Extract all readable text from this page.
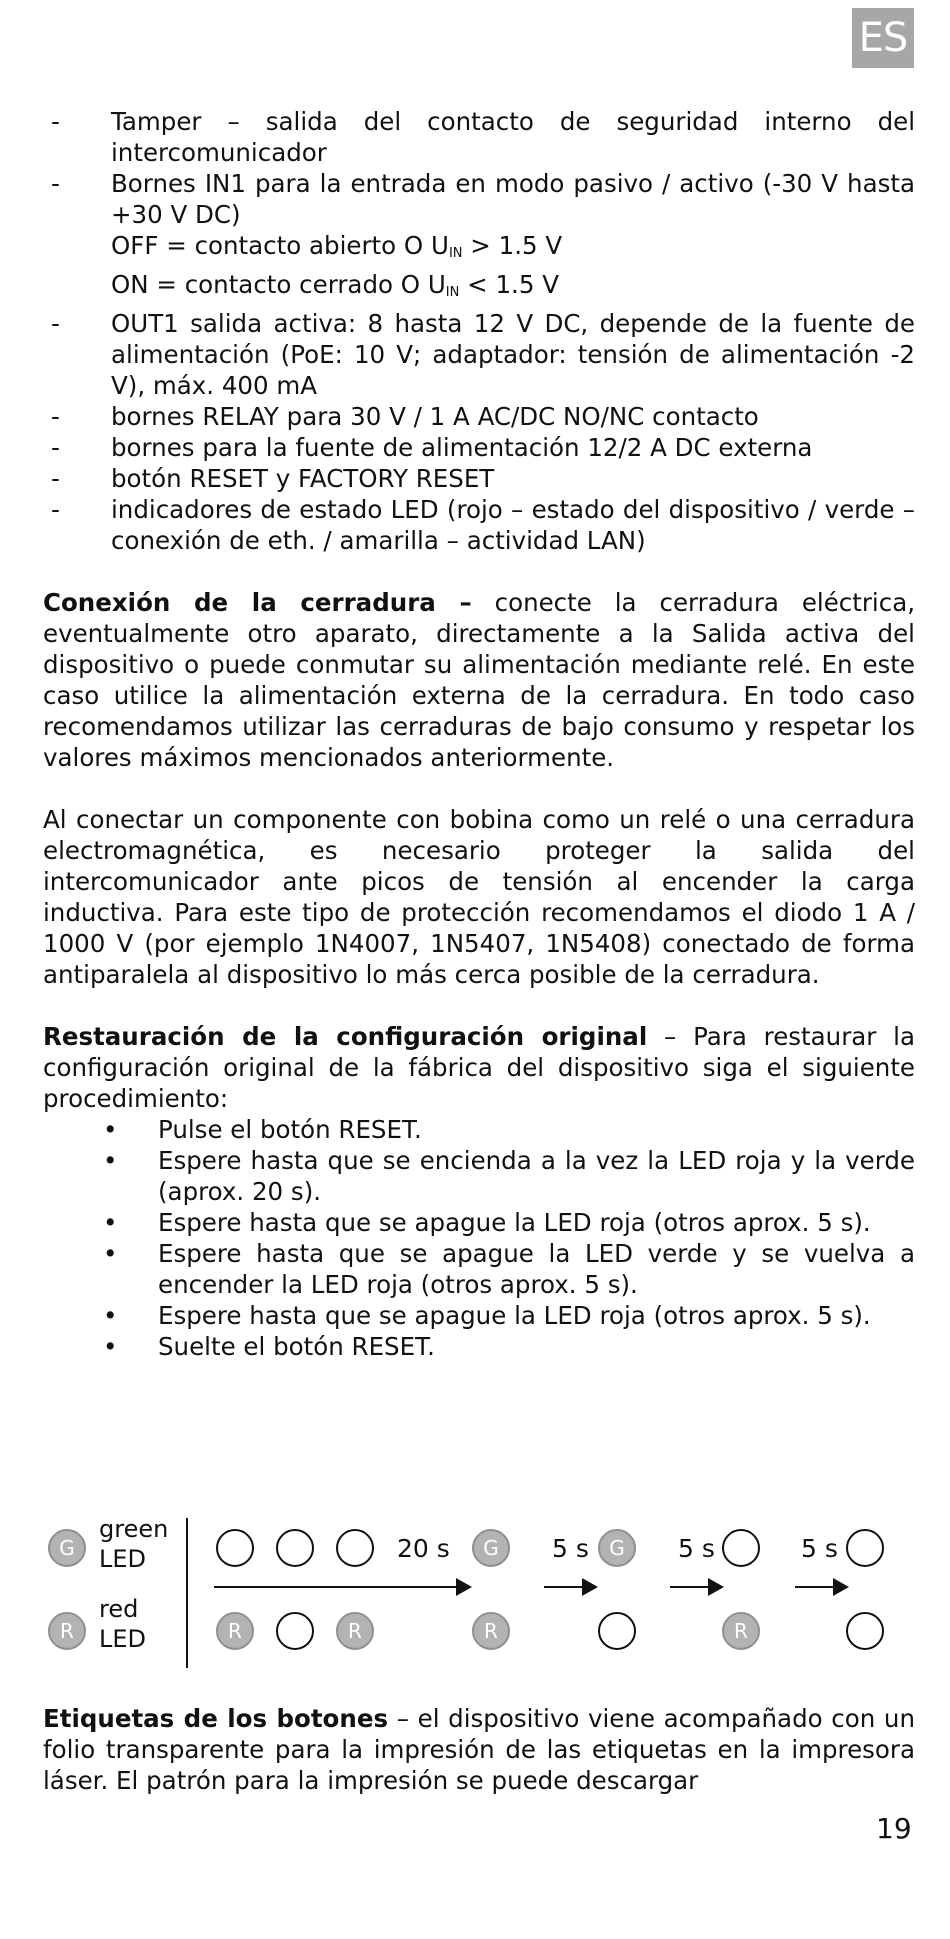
ES
- Tamper – salida del contacto de seguridad interno del intercomunicador
- Bornes IN1 para la entrada en modo pasivo / activo (-30 V hasta +30 V DC)
OFF = contacto abierto O $U_{IN} > 1.5$ V
ON = contacto cerrado O $U_{IN} < 1.5$ V
- OUT1 salida activa: 8 hasta 12 V DC, depende de la fuente de alimentación (PoE: 10 V; adaptador: tensión de alimentación -2 V), máx. 400 mA
- bornes RELAY para 30 V / 1 A AC/DC NO/NC contacto
- bornes para la fuente de alimentación 12/2 A DC externa
- botón RESET y FACTORY RESET
- indicadores de estado LED (rojo – estado del dispositivo / verde – conexión de eth. / amarilla – actividad LAN)

Conexión de la cerradura – conecte la cerradura eléctrica, eventualmente otro aparato, directamente a la Salida activa del dispositivo o puede conmutar su alimentación mediante relé. En este caso utilice la alimentación externa de la cerradura. En todo caso recomendamos utilizar las cerraduras de bajo consumo y respetar los valores máximos mencionados anteriormente.

Al conectar un componente con bobina como un relé o una cerradura electromagnética, es necesario proteger la salida del intercomunicador ante picos de tensión al encender la carga inductiva. Para este tipo de protección recomendamos el diodo 1 A / 1000 V (por ejemplo 1N4007, 1N5407, 1N5408) conectado de forma antiparalela al dispositivo lo más cerca posible de la cerradura.

Restauración de la configuración original – Para restaurar la configuración original de la fábrica del dispositivo siga el siguiente procedimiento:

• Pulse el botón RESET.
• Espere hasta que se encienda a la vez la LED roja y la verde (aprox. 20 s).
• Espere hasta que se apague la LED roja (otros aprox. 5 s).
• Espere hasta que se apague la LED verde y se vuelva a encender la LED roja (otros aprox. 5 s).
• Espere hasta que se apague la LED roja (otros aprox. 5 s).
• Suelte el botón RESET.
G
green
LED
R
red
LED
G	G
R	R	R	R
20 s	5 s	5 s	5 s

Etiquetas de los botones – el dispositivo viene acompañado con un folio transparente para la impresión de las etiquetas en la impresora láser. El patrón para la impresión se puede descargar

19
